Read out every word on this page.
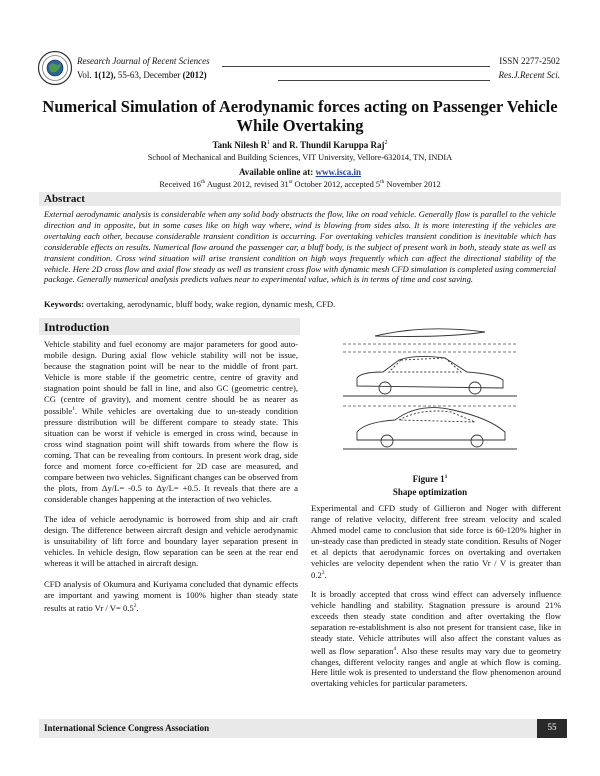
Research Journal of Recent Sciences
Vol. 1(12), 55-63, December (2012)
ISSN 2277-2502
Res.J.Recent Sci.
Numerical Simulation of Aerodynamic forces acting on Passenger Vehicle
While Overtaking
Tank Nilesh $R^1$ and R. Thundil Karuppa Raj$^2$
School of Mechanical and Building Sciences, VIT University, Vellore-632014, TN, INDIA
Available online at: www.isca.in
Received 16th August 2012, revised 31st October 2012, accepted 5th November 2012
Abstract
External aerodynamic analysis is considerable when any solid body obstructs the flow, like on road vehicle. Generally flow is parallel to the vehicle direction and in opposite, but in some cases like on high way where, wind is blowing from sides also. It is more interesting if the vehicles are overtaking each other, because considerable transient condition is occurring. For overtaking vehicles transient condition is inevitable which has considerable effects on results. Numerical flow around the passenger car, a bluff body, is the subject of present work in both, steady state as well as transient condition. Cross wind situation will arise transient condition on high ways frequently which can affect the directional stability of the vehicle. Here 2D cross flow and axial flow steady as well as transient cross flow with dynamic mesh CFD simulation is completed using commercial package. Generally numerical analysis predicts values near to experimental value, which is in terms of time and cost saving.
Keywords: overtaking, aerodynamic, bluff body, wake region, dynamic mesh, CFD.
Introduction

Vehicle stability and fuel economy are major parameters for good auto-mobile design. During axial flow vehicle stability will not be issue, because the stagnation point will be near to the middle of front part. Vehicle is more stable if the geometric centre, centre of gravity and stagnation point should be fall in line, and also GC (geometric centre), CG (centre of gravity), and moment centre should be as nearer as possible$^1$. While vehicles are overtaking due to un-steady condition pressure distribution will be different compare to steady state. This situation can be worst if vehicle is emerged in cross wind, because in cross wind stagnation point will shift towards from where the flow is coming. That can be revealing from contours. In present work drag, side force and moment force co-efficient for 2D case are measured, and compare between two vehicles. Significant changes can be observed from the plots, from Δy/L= -0.5 to Δy/L= +0.5. It reveals that there are a considerable changes happening at the interaction of two vehicles.

The idea of vehicle aerodynamic is borrowed from ship and air craft design. The difference between aircraft design and vehicle aerodynamic is unsuitability of lift force and boundary layer separation present in vehicles. In vehicle design, flow separation can be seen at the rear end whereas it will be attached in aircraft design.

CFD analysis of Okumura and Kuriyama concluded that dynamic effects are important and yawing moment is 100% higher than steady state results at ratio $Vr / V= 0.5^2$.

Figure $1^1$
Shape optimization

Experimental and CFD study of Gillieron and Noger with different range of relative velocity, different free stream velocity and scaled Ahmed model came to conclusion that side force is 60-120% higher in un-steady case than predicted in steady state condition. Results of Noger et al depicts that aerodynamic forces on overtaking and overtaken vehicles are velocity dependent when the ratio Vr / V is greater than $0.2^3$.

It is broadly accepted that cross wind effect can adversely influence vehicle handling and stability. Stagnation pressure is around 21% exceeds then steady state condition and after overtaking the flow separation re-establishment is also not present for transient case, like in steady state. Vehicle attributes will also affect the constant values as well as flow separation$^4$. Also these results may vary due to geometry changes, different velocity ranges and angle at which flow is coming. Here little wok is presented to understand the flow phenomenon around overtaking vehicles for particular parameters.

International Science Congress Association	55
